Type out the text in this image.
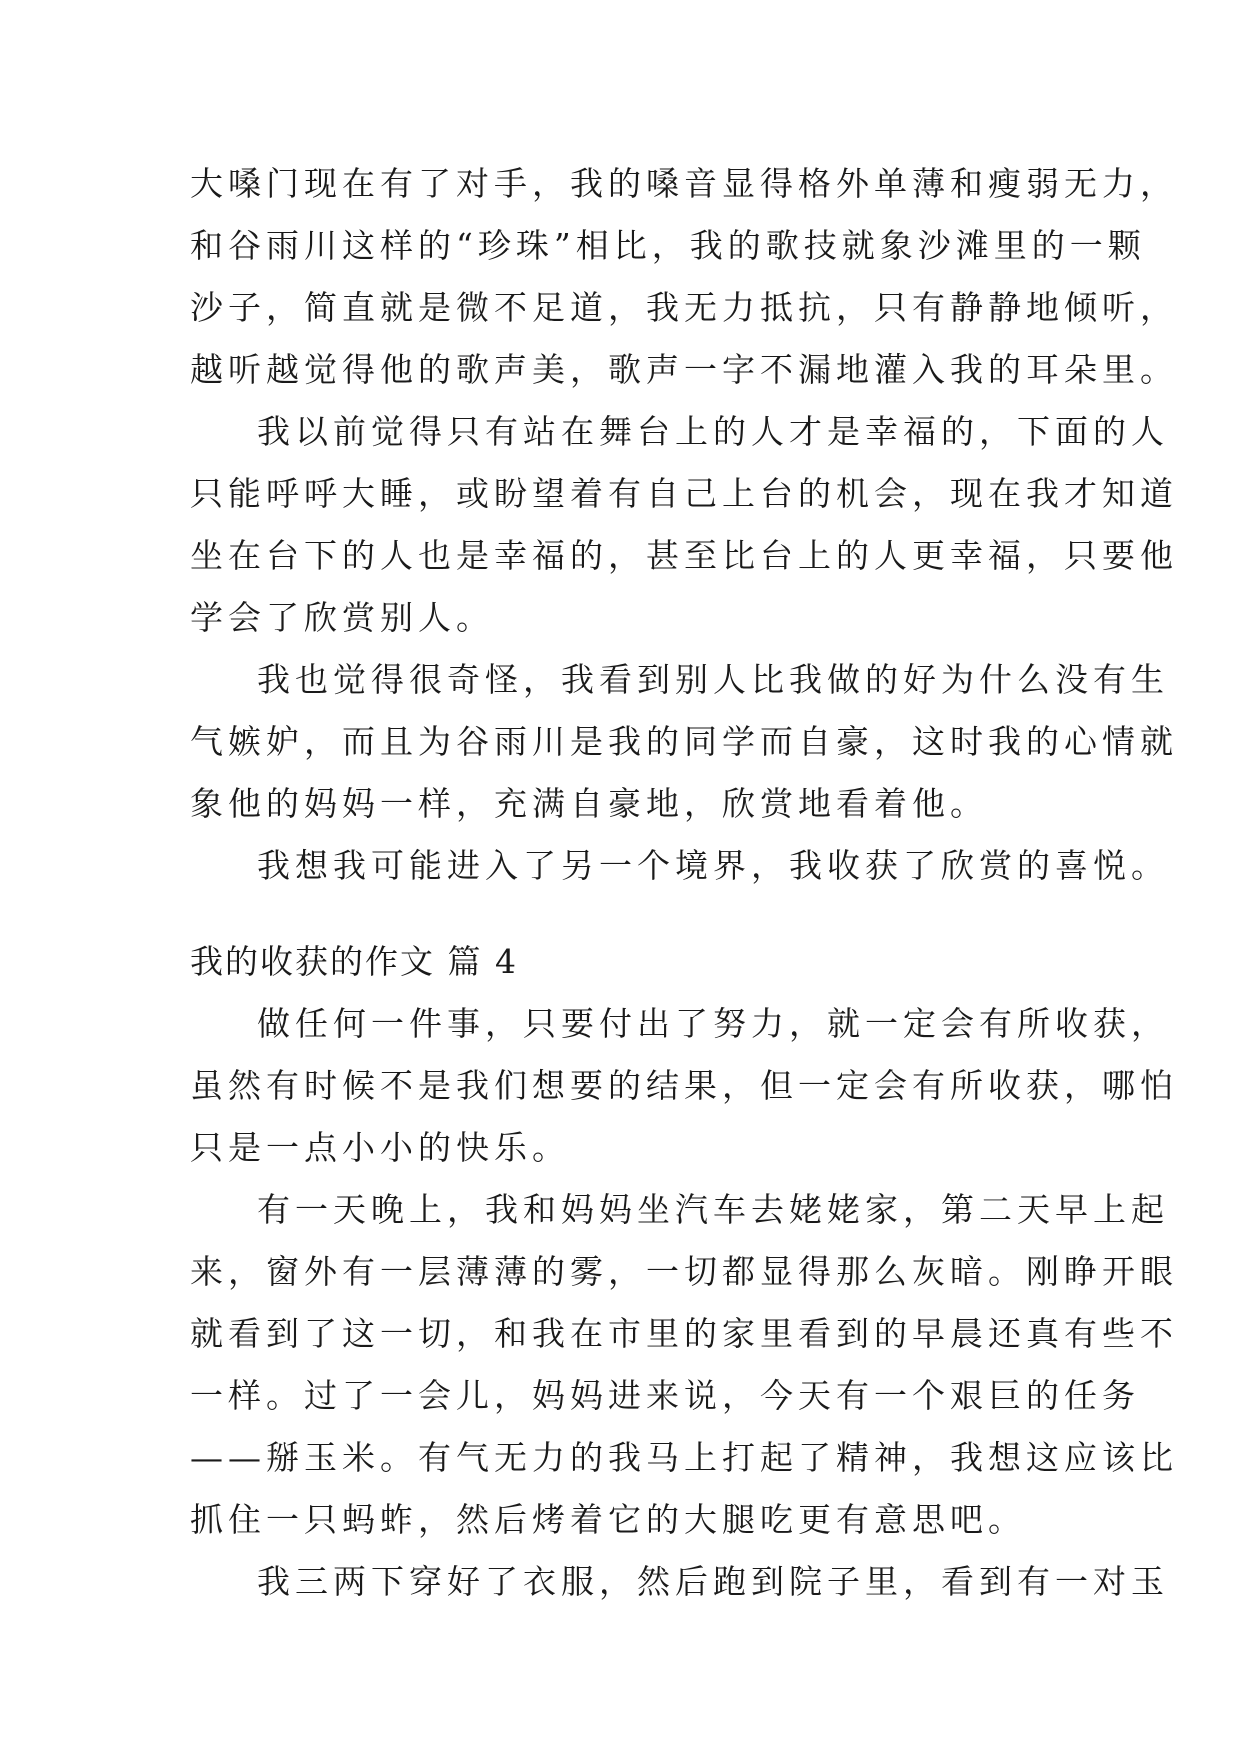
大嗓门现在有了对手，我的嗓音显得格外单薄和瘦弱无力，
和谷雨川这样的“珍珠”相比，我的歌技就象沙滩里的一颗
沙子，简直就是微不足道，我无力抵抗，只有静静地倾听，
越听越觉得他的歌声美，歌声一字不漏地灌入我的耳朵里。
我以前觉得只有站在舞台上的人才是幸福的，下面的人
只能呼呼大睡，或盼望着有自己上台的机会，现在我才知道
坐在台下的人也是幸福的，甚至比台上的人更幸福，只要他
学会了欣赏别人。
我也觉得很奇怪，我看到别人比我做的好为什么没有生
气嫉妒，而且为谷雨川是我的同学而自豪，这时我的心情就
象他的妈妈一样，充满自豪地，欣赏地看着他。
我想我可能进入了另一个境界，我收获了欣赏的喜悦。
我的收获的作文 篇 4
做任何一件事，只要付出了努力，就一定会有所收获，
虽然有时候不是我们想要的结果，但一定会有所收获，哪怕
只是一点小小的快乐。
有一天晚上，我和妈妈坐汽车去姥姥家，第二天早上起
来，窗外有一层薄薄的雾，一切都显得那么灰暗。刚睁开眼
就看到了这一切，和我在市里的家里看到的早晨还真有些不
一样。过了一会儿，妈妈进来说，今天有一个艰巨的任务
——掰玉米。有气无力的我马上打起了精神，我想这应该比
抓住一只蚂蚱，然后烤着它的大腿吃更有意思吧。
我三两下穿好了衣服，然后跑到院子里，看到有一对玉
